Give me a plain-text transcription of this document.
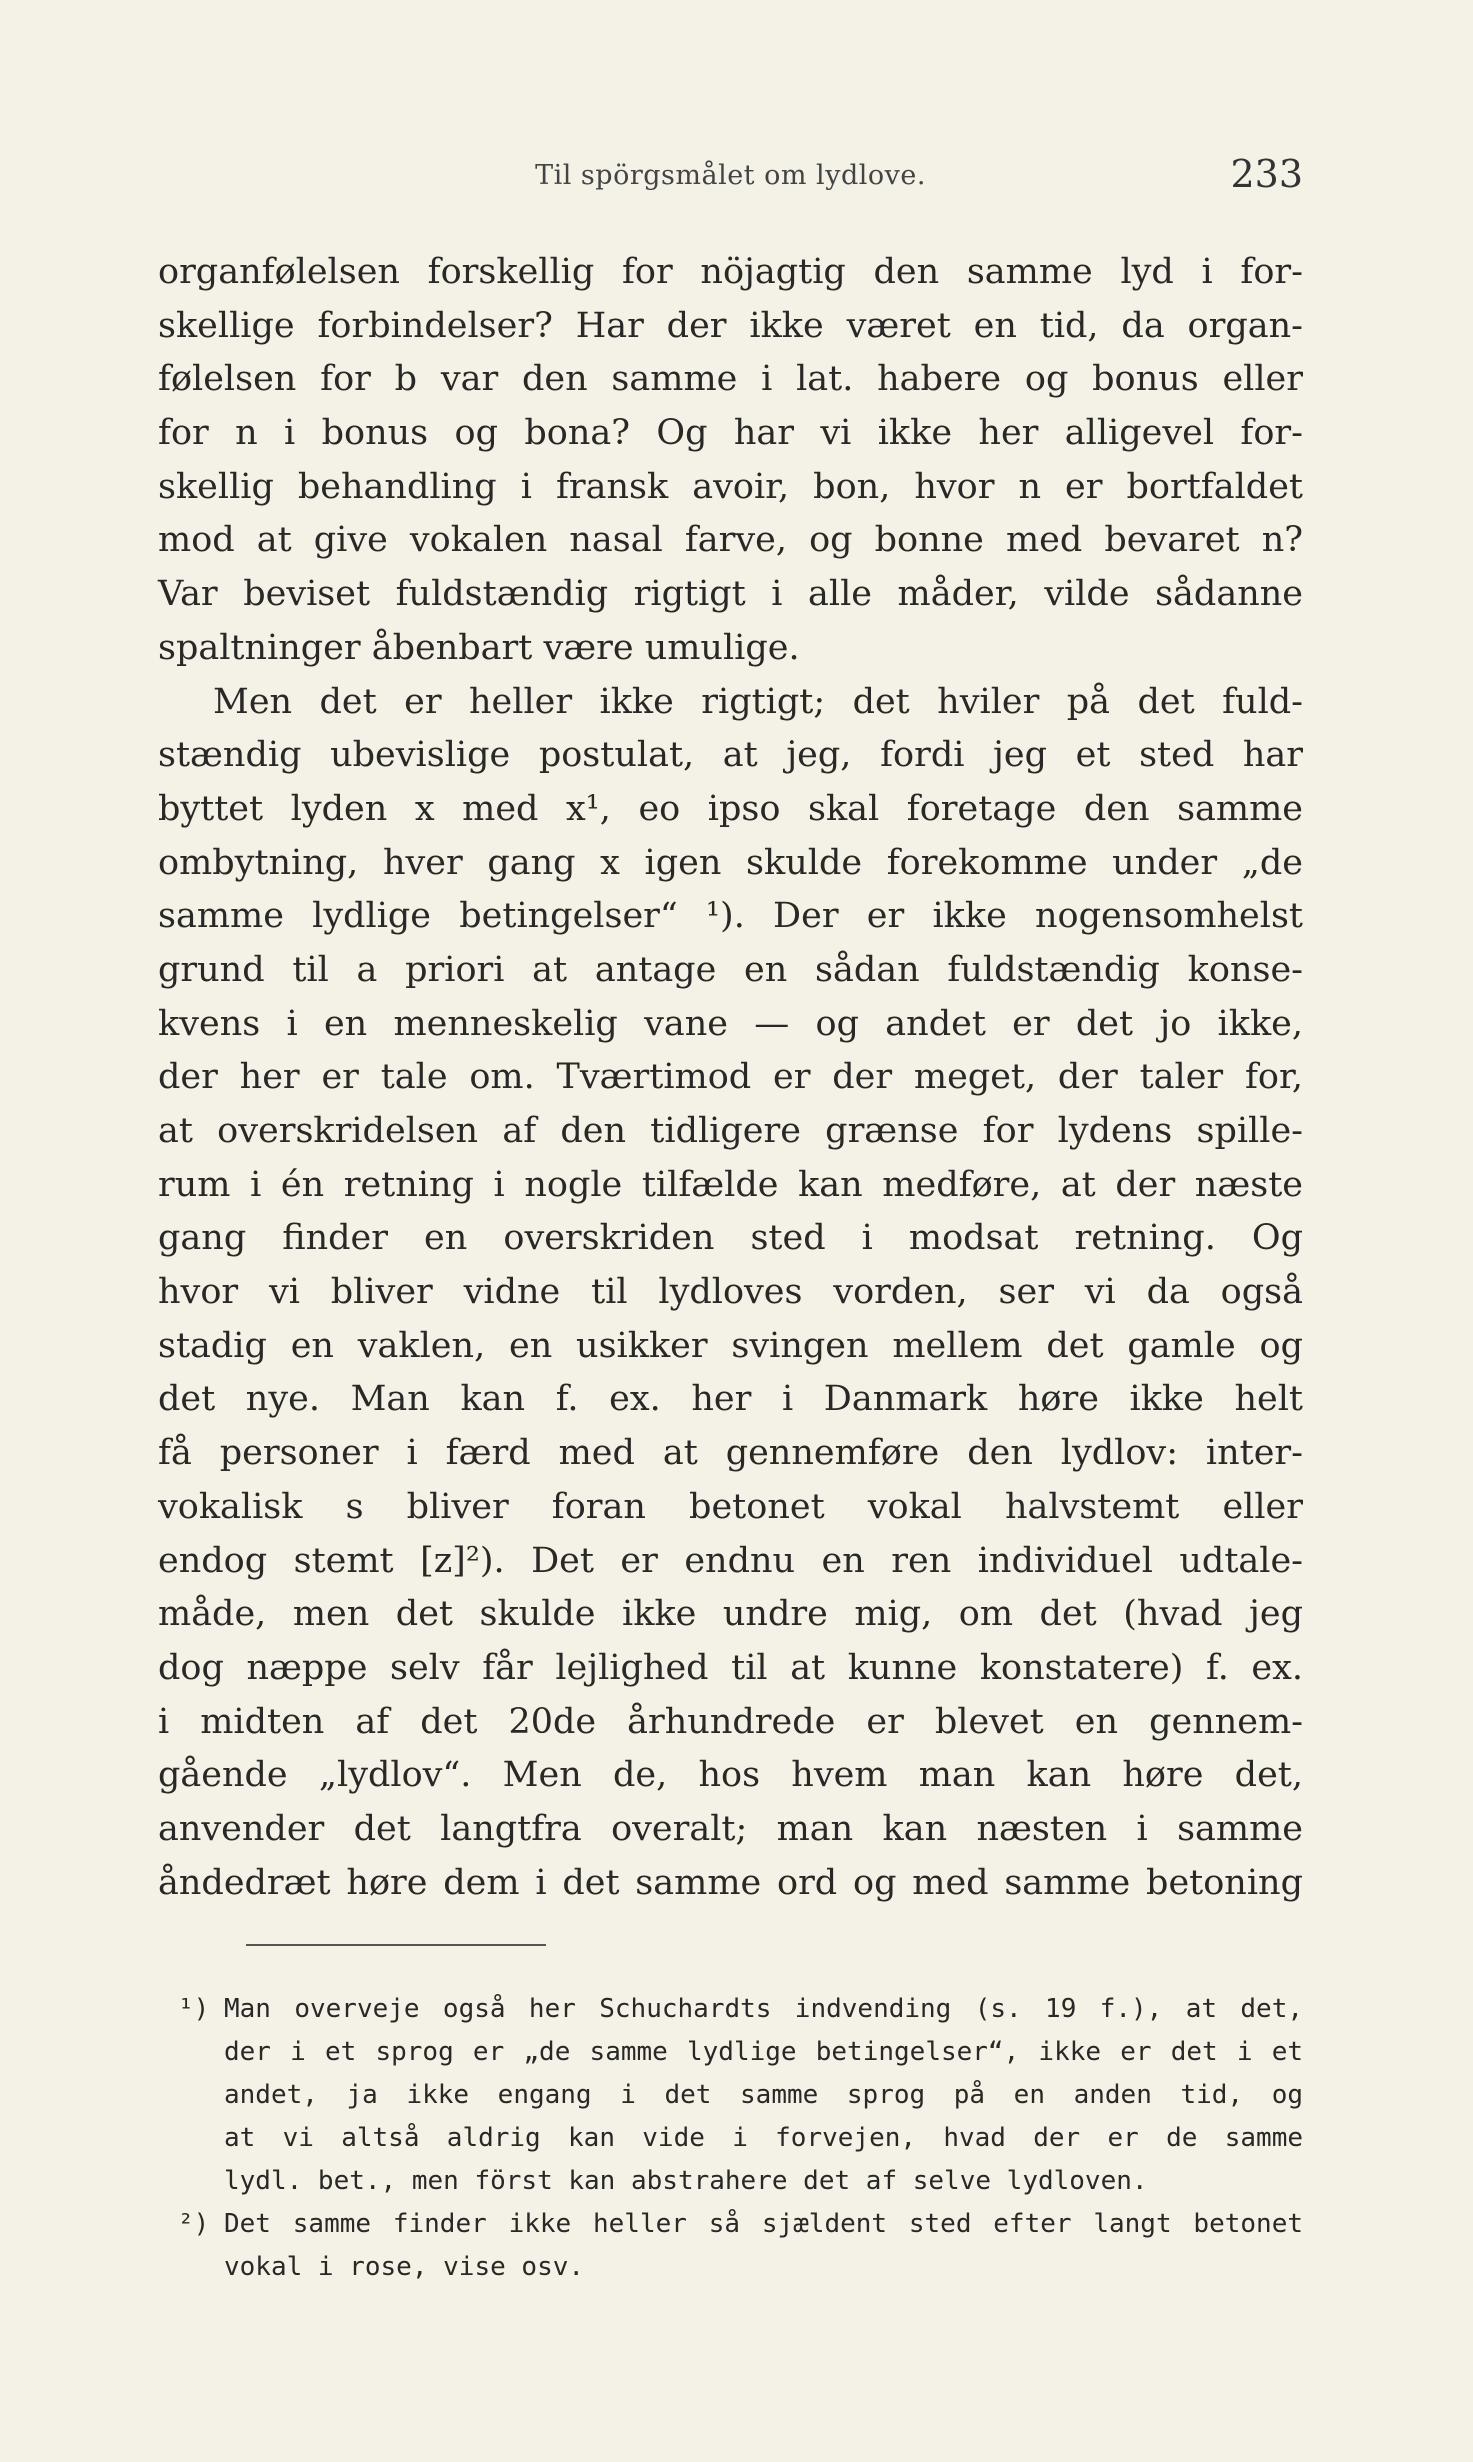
Til spörgsmålet om lydlove.	233
organfølelsen forskellig for nöjagtig den samme lyd i for-
skellige forbindelser? Har der ikke været en tid, da organ-
følelsen for b var den samme i lat. habere og bonus eller
for n i bonus og bona? Og har vi ikke her alligevel for-
skellig behandling i fransk avoir, bon, hvor n er bortfaldet
mod at give vokalen nasal farve, og bonne med bevaret n?
Var beviset fuldstændig rigtigt i alle måder, vilde sådanne
spaltninger åbenbart være umulige.
Men det er heller ikke rigtigt; det hviler på det fuld-
stændig ubevislige postulat, at jeg, fordi jeg et sted har
byttet lyden x med x¹, eo ipso skal foretage den samme
ombytning, hver gang x igen skulde forekomme under „de
samme lydlige betingelser“ ¹). Der er ikke nogensomhelst
grund til a priori at antage en sådan fuldstændig konse-
kvens i en menneskelig vane — og andet er det jo ikke,
der her er tale om. Tværtimod er der meget, der taler for,
at overskridelsen af den tidligere grænse for lydens spille-
rum i én retning i nogle tilfælde kan medføre, at der næste
gang finder en overskriden sted i modsat retning. Og
hvor vi bliver vidne til lydloves vorden, ser vi da også
stadig en vaklen, en usikker svingen mellem det gamle og
det nye. Man kan f. ex. her i Danmark høre ikke helt
få personer i færd med at gennemføre den lydlov: inter-
vokalisk s bliver foran betonet vokal halvstemt eller
endog stemt [z]²). Det er endnu en ren individuel udtale-
måde, men det skulde ikke undre mig, om det (hvad jeg
dog næppe selv får lejlighed til at kunne konstatere) f. ex.
i midten af det 20de århundrede er blevet en gennem-
gående „lydlov“. Men de, hos hvem man kan høre det,
anvender det langtfra overalt; man kan næsten i samme
åndedræt høre dem i det samme ord og med samme betoning
¹) Man overveje også her Schuchardts indvending (s. 19 f.), at det,
der i et sprog er „de samme lydlige betingelser“, ikke er det i et
andet, ja ikke engang i det samme sprog på en anden tid, og
at vi altså aldrig kan vide i forvejen, hvad der er de samme
lydl. bet., men först kan abstrahere det af selve lydloven.
²) Det samme finder ikke heller så sjældent sted efter langt betonet
vokal i rose, vise osv.
